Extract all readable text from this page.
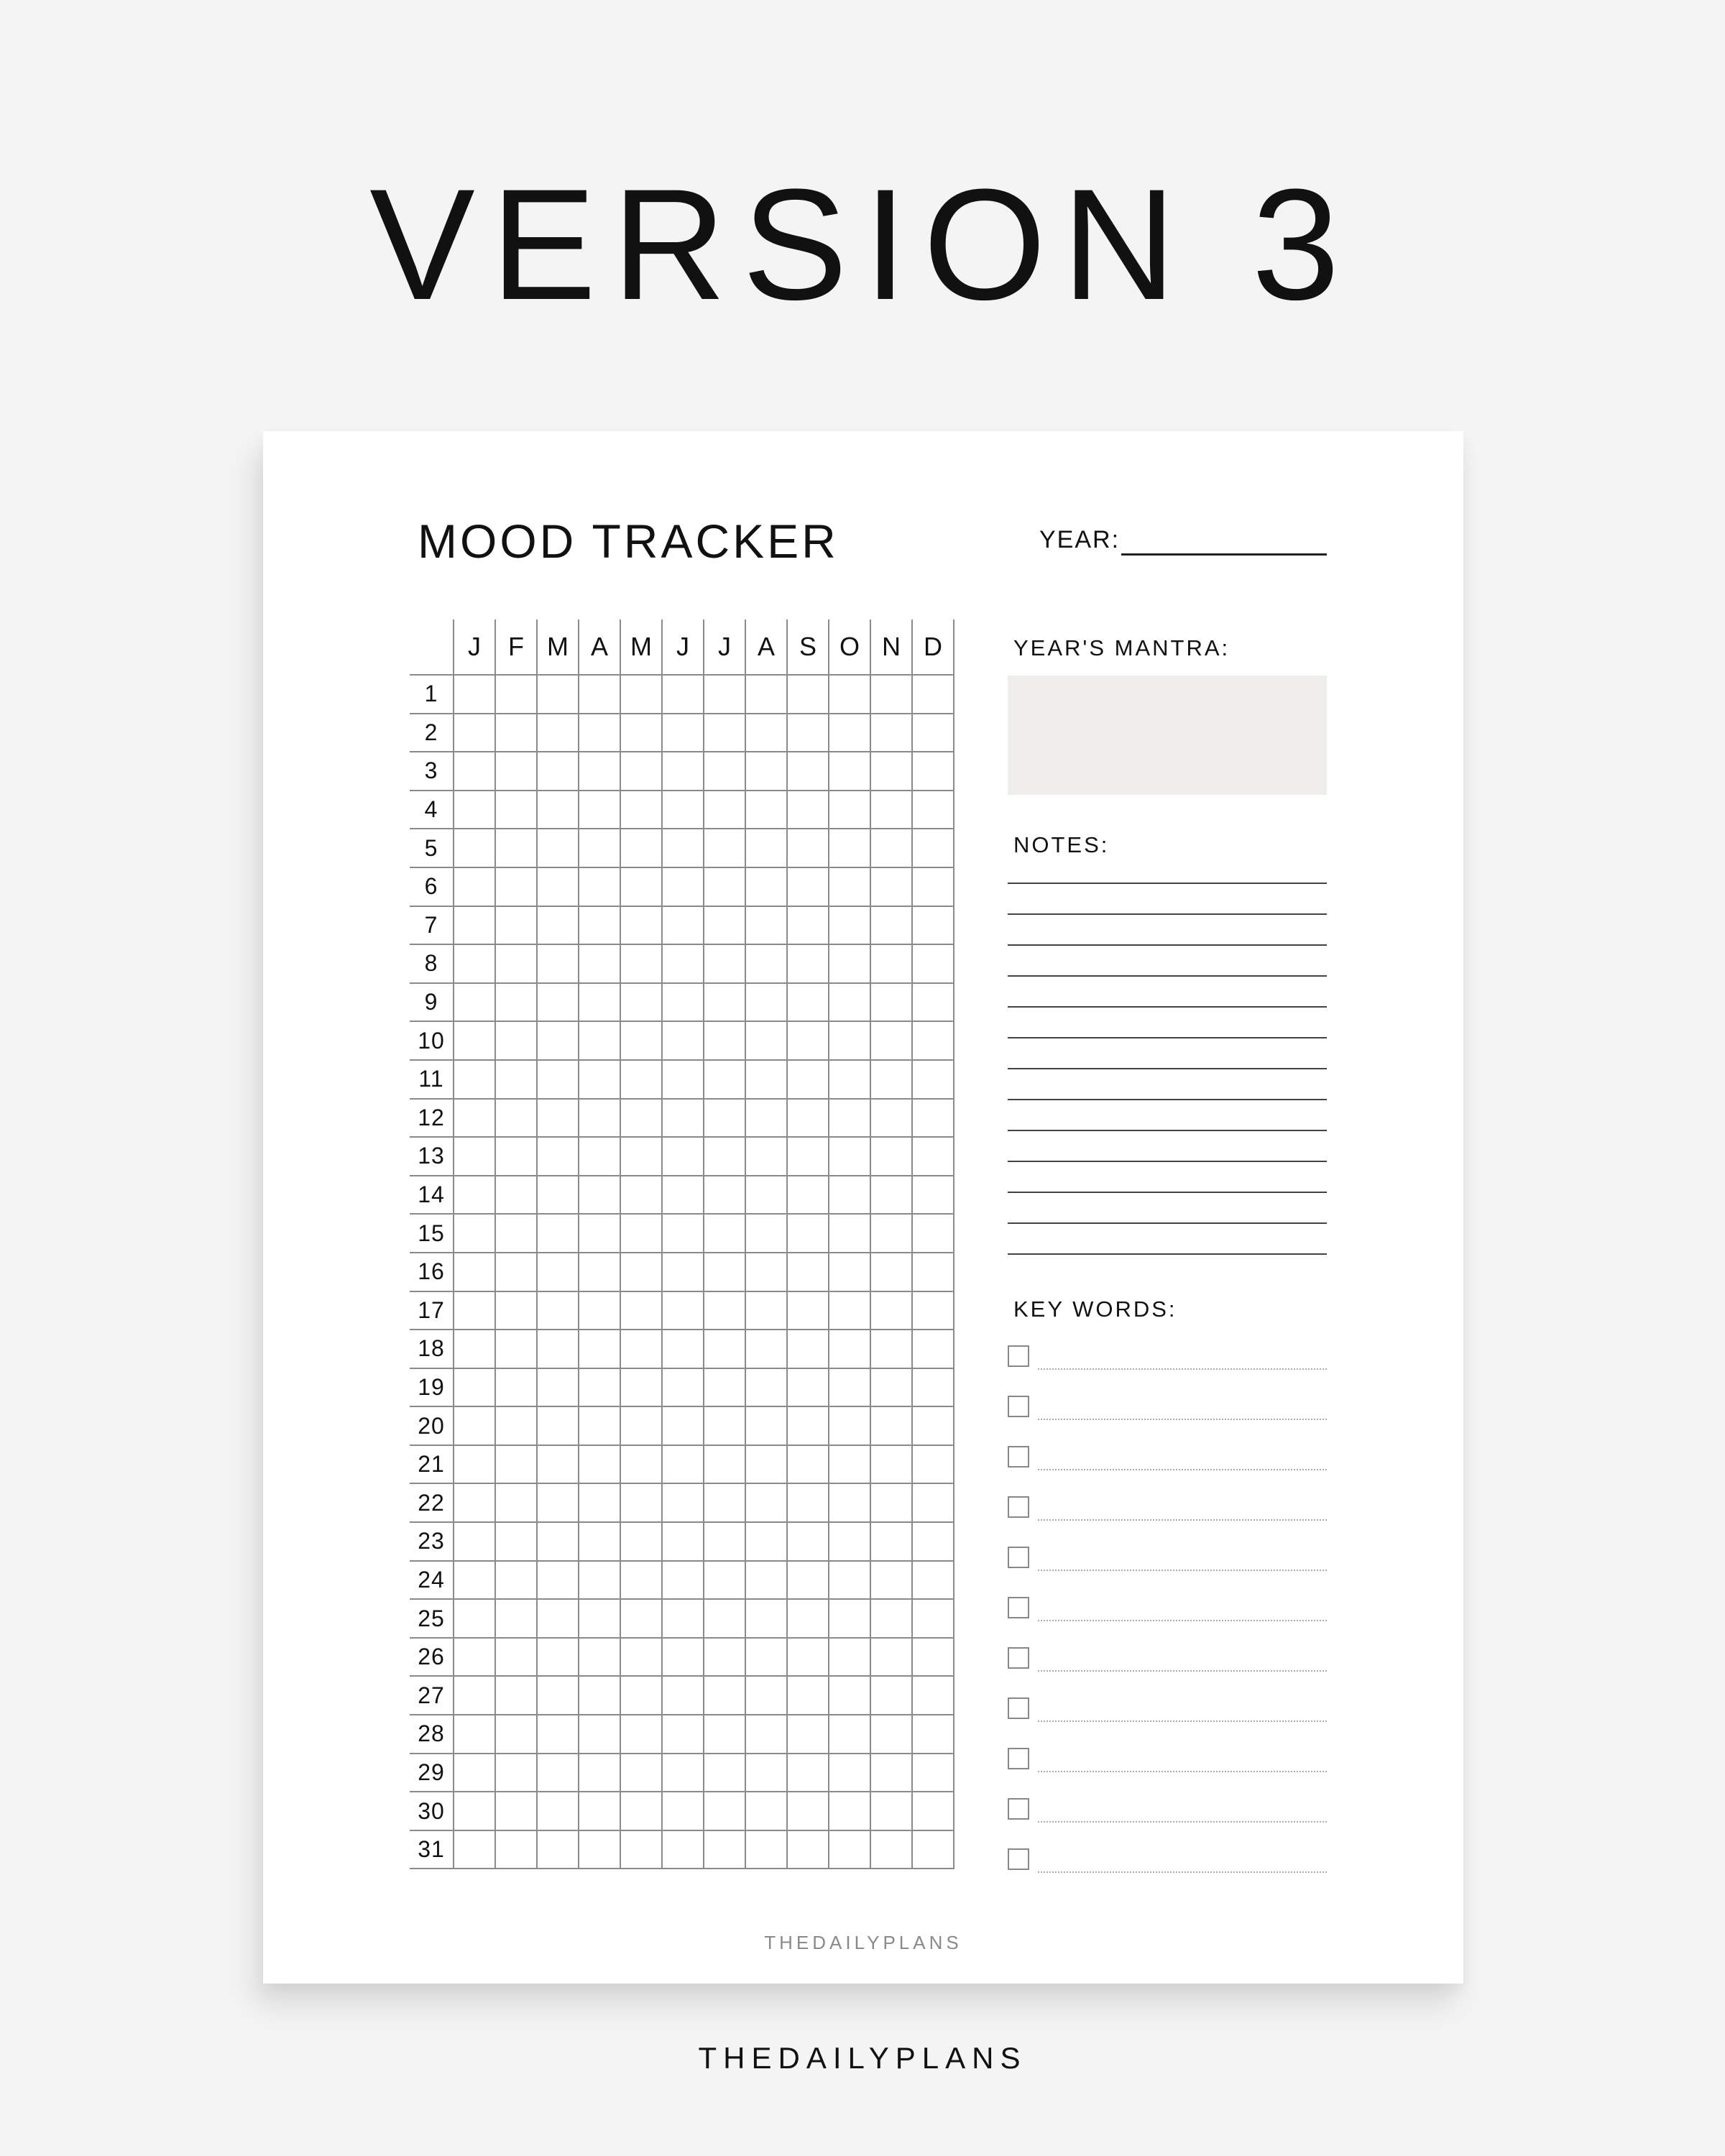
VERSION 3
MOOD TRACKER	YEAR:
	J	F	M	A	M	J	J	A	S	O	N	D
1												
2												
3												
4												
5												
6												
7												
8												
9												
10												
11												
12												
13												
14												
15												
16												
17												
18												
19												
20												
21												
22												
23												
24												
25												
26												
27												
28												
29												
30												
31												
YEAR'S MANTRA:
NOTES:
KEY WORDS:
THEDAILYPLANS
THEDAILYPLANS
